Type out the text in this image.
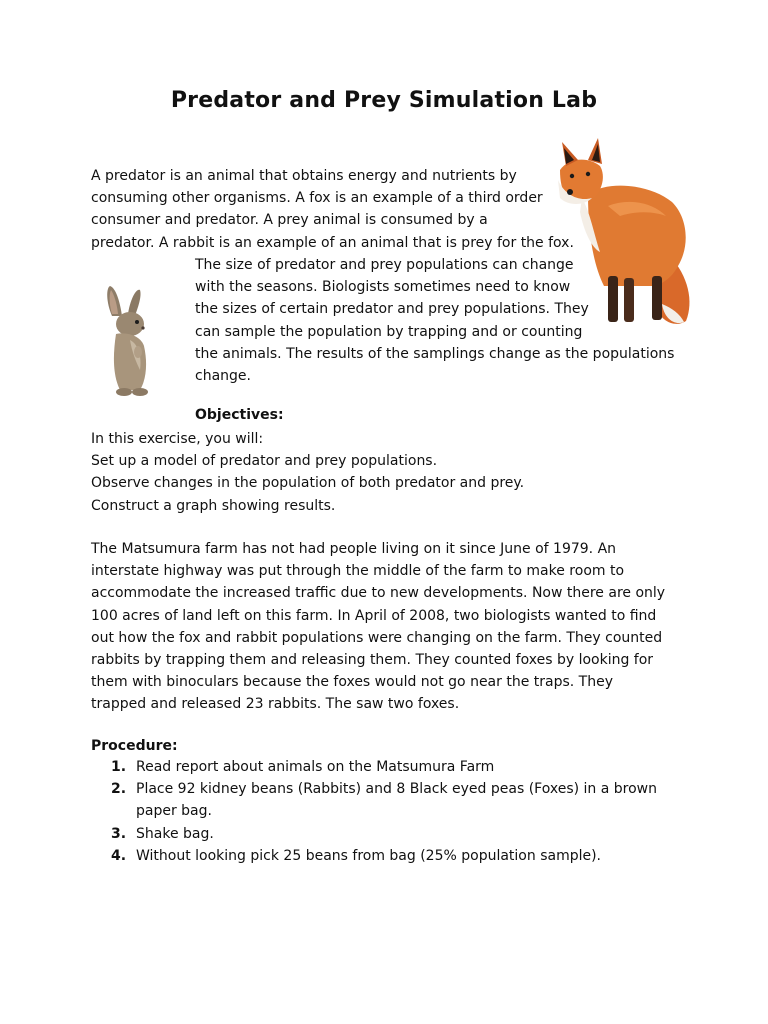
Predator and Prey Simulation Lab
A predator is an animal that obtains energy and nutrients by
consuming other organisms. A fox is an example of a third order
consumer and predator. A prey animal is consumed by a
predator. A rabbit is an example of an animal that is prey for the fox.
The size of predator and prey populations can change
with the seasons. Biologists sometimes need to know
the sizes of certain predator and prey populations. They
can sample the population by trapping and or counting
the animals. The results of the samplings change as the populations
change.
Objectives:
In this exercise, you will:
Set up a model of predator and prey populations.
Observe changes in the population of both predator and prey.
Construct a graph showing results.
The Matsumura farm has not had people living on it since June of 1979. An
interstate highway was put through the middle of the farm to make room to
accommodate the increased traffic due to new developments. Now there are only
100 acres of land left on this farm. In April of 2008, two biologists wanted to find
out how the fox and rabbit populations were changing on the farm. They counted
rabbits by trapping them and releasing them. They counted foxes by looking for
them with binoculars because the foxes would not go near the traps. They
trapped and released 23 rabbits. The saw two foxes.
Procedure:
1. Read report about animals on the Matsumura Farm
2. Place 92 kidney beans (Rabbits) and 8 Black eyed peas (Foxes) in a brown
paper bag.
3. Shake bag.
4. Without looking pick 25 beans from bag (25% population sample).
